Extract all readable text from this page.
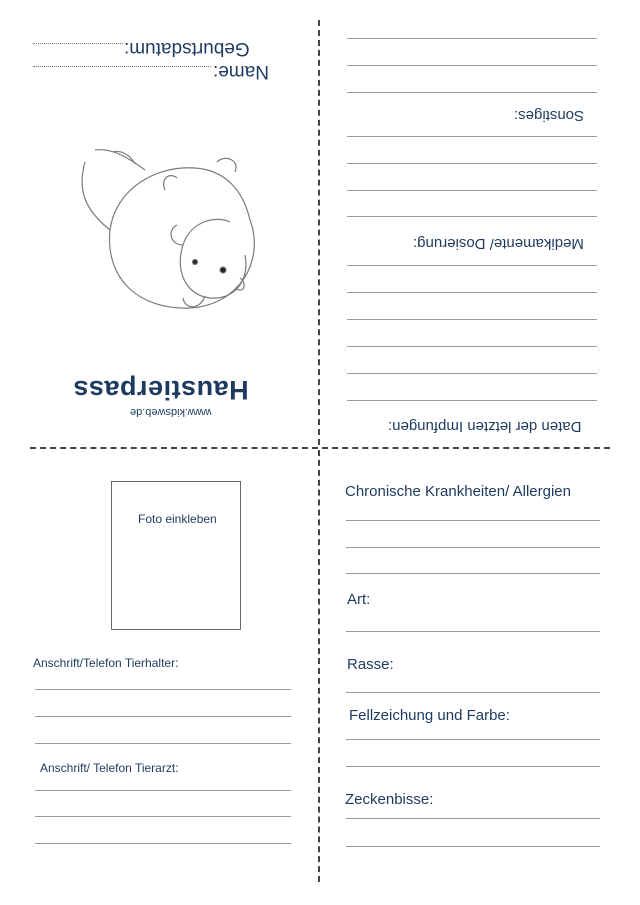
Name:
Geburtsdatum:
Haustierpass
www.kidsweb.de
Sonstiges:
Medikamente/ Dosierung:
Daten der letzten Impfungen:
Foto einkleben
Anschrift/Telefon Tierhalter:
Anschrift/ Telefon Tierarzt:
Chronische Krankheiten/ Allergien
Art:
Rasse:
Fellzeichung und Farbe:
Zeckenbisse:
